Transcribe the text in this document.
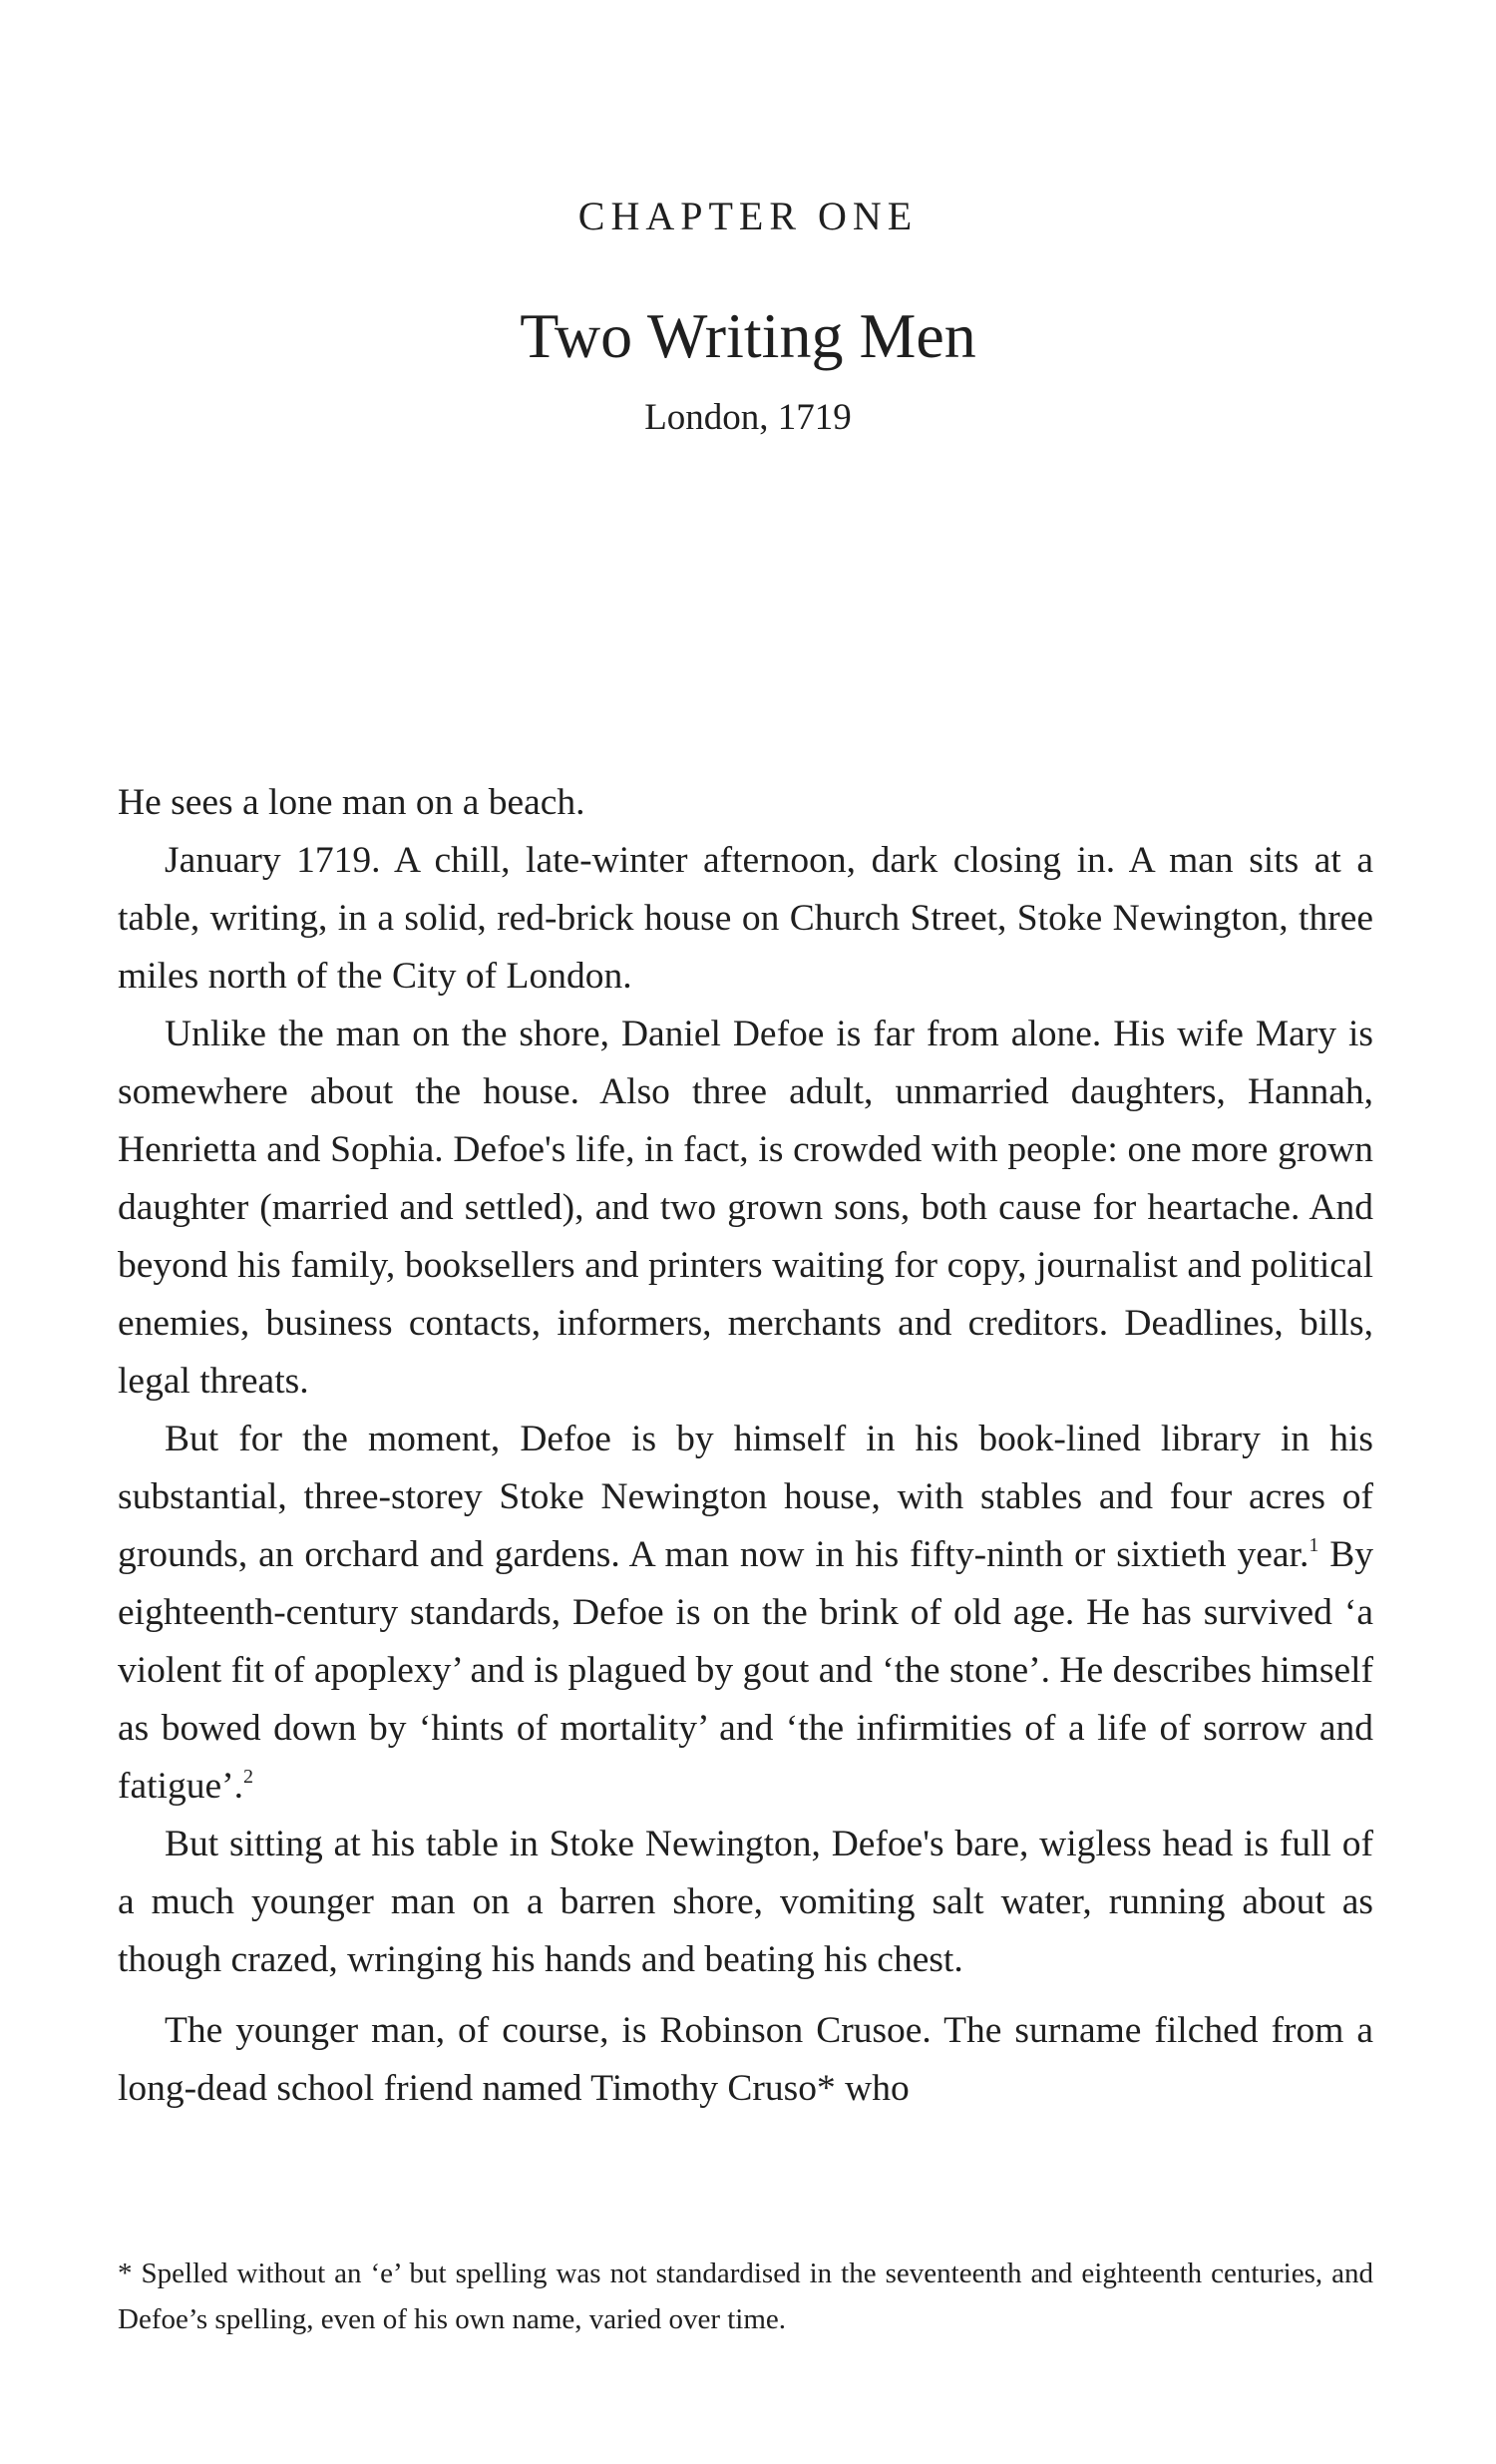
CHAPTER ONE
Two Writing Men
London, 1719

He sees a lone man on a beach.

January 1719. A chill, late-winter afternoon, dark closing in. A man sits at a table, writing, in a solid, red-brick house on Church Street, Stoke Newington, three miles north of the City of London.

Unlike the man on the shore, Daniel Defoe is far from alone. His wife Mary is somewhere about the house. Also three adult, unmarried daughters, Hannah, Henrietta and Sophia. Defoe's life, in fact, is crowded with people: one more grown daughter (married and settled), and two grown sons, both cause for heartache. And beyond his family, booksellers and printers waiting for copy, journalist and political enemies, business contacts, informers, merchants and creditors. Deadlines, bills, legal threats.

But for the moment, Defoe is by himself in his book-lined library in his substantial, three-storey Stoke Newington house, with stables and four acres of grounds, an orchard and gardens. A man now in his fifty-ninth or sixtieth year.$^1$ By eighteenth-century standards, Defoe is on the brink of old age. He has survived ‘a violent fit of apoplexy’ and is plagued by gout and ‘the stone’. He describes himself as bowed down by ‘hints of mortality’ and ‘the infirmities of a life of sorrow and fatigue’.$^2$

But sitting at his table in Stoke Newington, Defoe's bare, wigless head is full of a much younger man on a barren shore, vomiting salt water, running about as though crazed, wringing his hands and beating his chest.

The younger man, of course, is Robinson Crusoe. The surname filched from a long-dead school friend named Timothy Cruso* who

* Spelled without an ‘e’ but spelling was not standardised in the seventeenth and eighteenth centuries, and Defoe’s spelling, even of his own name, varied over time.
